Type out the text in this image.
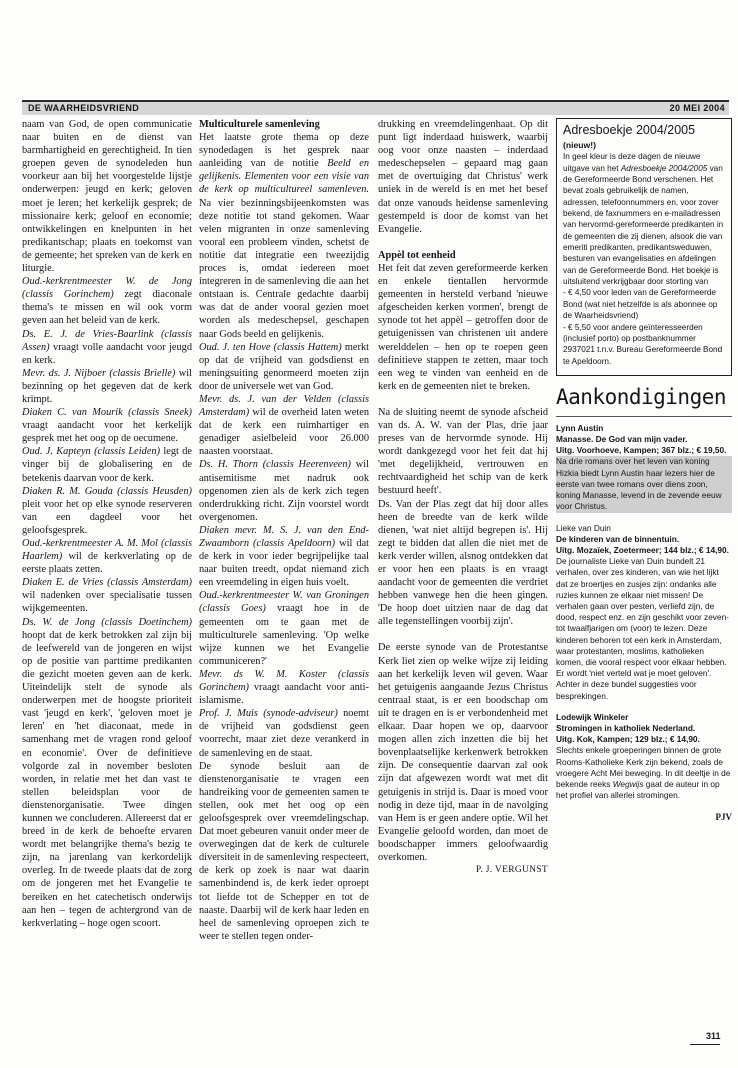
DE WAARHEIDSVRIEND	20 MEI 2004

naam van God, de open communicatie naar buiten en de dienst van barmhartigheid en gerechtigheid. In tien groepen geven de synodeleden hun voorkeur aan bij het voorgestelde lijstje onderwerpen: jeugd en kerk; geloven moet je leren; het kerkelijk gesprek; de missionaire kerk; geloof en economie; ontwikkelingen en knelpunten in het predikantschap; plaats en toekomst van de gemeente; het spreken van de kerk en liturgie.

Oud.-kerkrentmeester W. de Jong (classis Gorinchem) zegt diaconale thema's te missen en wil ook vorm geven aan het beleid van de kerk.

Ds. E. J. de Vries-Baarlink (classis Assen) vraagt volle aandacht voor jeugd en kerk.

Mevr. ds. J. Nijboer (classis Brielle) wil bezinning op het gegeven dat de kerk krimpt.

Diaken C. van Mourik (classis Sneek) vraagt aandacht voor het kerkelijk gesprek met het oog op de oecumene.

Oud. J. Kapteyn (classis Leiden) legt de vinger bij de globalisering en de betekenis daarvan voor de kerk.

Diaken R. M. Gouda (classis Heusden) pleit voor het op elke synode reserveren van een dagdeel voor het geloofsgesprek.

Oud.-kerkrentmeester A. M. Mol (classis Haarlem) wil de kerkverlating op de eerste plaats zetten.

Diaken E. de Vries (classis Amsterdam) wil nadenken over specialisatie tussen wijkgemeenten.

Ds. W. de Jong (classis Doetinchem) hoopt dat de kerk betrokken zal zijn bij de leefwereld van de jongeren en wijst op de positie van parttime predikanten die gezicht moeten geven aan de kerk. Uiteindelijk stelt de synode als onderwerpen met de hoogste prioriteit vast 'jeugd en kerk', 'geloven moet je leren' en 'het diaconaat, mede in samenhang met de vragen rond geloof en economie'. Over de definitieve volgorde zal in november besloten worden, in relatie met het dan vast te stellen beleidsplan voor de dienstenorganisatie. Twee dingen kunnen we concluderen. Allereerst dat er breed in de kerk de behoefte ervaren wordt met belangrijke thema's bezig te zijn, na jarenlang van kerkordelijk overleg. In de tweede plaats dat de zorg om de jongeren met het Evangelie te bereiken en het catechetisch onderwijs aan hen – tegen de achtergrond van de kerkverlating – hoge ogen scoort.

Multiculturele samenleving

Het laatste grote thema op deze synodedagen is het gesprek naar aanleiding van de notitie Beeld en gelijkenis. Elementen voor een visie van de kerk op multicultureel samenleven. Na vier bezinningsbijeenkomsten was deze notitie tot stand gekomen. Waar velen migranten in onze samenleving vooral een probleem vinden, schetst de notitie dat integratie een tweezijdig proces is, omdat iedereen moet integreren in de samenleving die aan het ontstaan is. Centrale gedachte daarbij was dat de ander vooral gezien moet worden als medeschepsel, geschapen naar Gods beeld en gelijkenis.

Oud. J. ten Hove (classis Hattem) merkt op dat de vrijheid van godsdienst en meningsuiting genormeerd moeten zijn door de universele wet van God.

Mevr. ds. J. van der Velden (classis Amsterdam) wil de overheid laten weten dat de kerk een ruimhartiger en genadiger asielbeleid voor 26.000 naasten voorstaat.

Ds. H. Thorn (classis Heerenveen) wil antisemitisme met nadruk ook opgenomen zien als de kerk zich tegen onderdrukking richt. Zijn voorstel wordt overgenomen.

Diaken mevr. M. S. J. van den End-Zwaamborn (classis Apeldoorn) wil dat de kerk in voor ieder begrijpelijke taal naar buiten treedt, opdat niemand zich een vreemdeling in eigen huis voelt.

Oud.-kerkrentmeester W. van Groningen (classis Goes) vraagt hoe in de gemeenten om te gaan met de multiculturele samenleving. 'Op welke wijze kunnen we het Evangelie communiceren?'

Mevr. ds W. M. Koster (classis Gorinchem) vraagt aandacht voor anti-islamisme.

Prof. J. Muis (synode-adviseur) noemt de vrijheid van godsdienst geen voorrecht, maar ziet deze verankerd in de samenleving en de staat.

De synode besluit aan de dienstenorganisatie te vragen een handreiking voor de gemeenten samen te stellen, ook met het oog op een geloofsgesprek over vreemdelingschap. Dat moet gebeuren vanuit onder meer de overwegingen dat de kerk de culturele diversiteit in de samenleving respecteert, de kerk op zoek is naar wat daarin samenbindend is, de kerk ieder oproept tot liefde tot de Schepper en tot de naaste. Daarbij wil de kerk haar leden en heel de samenleving oproepen zich te weer te stellen tegen onder-

drukking en vreemdelingenhaat. Op dit punt ligt inderdaad huiswerk, waarbij oog voor onze naasten – inderdaad medeschepselen – gepaard mag gaan met de overtuiging dat Christus' werk uniek in de wereld is en met het besef dat onze vanouds heidense samenleving gestempeld is door de komst van het Evangelie.

Appèl tot eenheid

Het feit dat zeven gereformeerde kerken en enkele tientallen hervormde gemeenten in hersteld verband 'nieuwe afgescheiden kerken vormen', brengt de synode tot het appèl – getroffen door de getuigenissen van christenen uit andere werelddelen – hen op te roepen geen definitieve stappen te zetten, maar toch een weg te vinden van eenheid en de kerk en de gemeenten niet te breken.

Na de sluiting neemt de synode afscheid van ds. A. W. van der Plas, drie jaar preses van de hervormde synode. Hij wordt dankgezegd voor het feit dat hij 'met degelijkheid, vertrouwen en rechtvaardigheid het schip van de kerk bestuurd heeft'.

Ds. Van der Plas zegt dat hij door alles heen de breedte van de kerk wilde dienen, 'wat niet altijd begrepen is'. Hij zegt te bidden dat allen die niet met de kerk verder willen, alsnog ontdekken dat er voor hen een plaats is en vraagt aandacht voor de gemeenten die verdriet hebben vanwege hen die heen gingen. 'De hoop doet uitzien naar de dag dat alle tegenstellingen voorbij zijn'.

De eerste synode van de Protestantse Kerk liet zien op welke wijze zij leiding aan het kerkelijk leven wil geven. Waar het getuigenis aangaande Jezus Christus centraal staat, is er een boodschap om uit te dragen en is er verbondenheid met elkaar. Daar hopen we op, daarvoor mogen allen zich inzetten die bij het bovenplaatselijke kerkenwerk betrokken zijn. De consequentie daarvan zal ook zijn dat afgewezen wordt wat met dit getuigenis in strijd is. Daar is moed voor nodig in deze tijd, maar in de navolging van Hem is er geen andere optie. Wil het Evangelie geloofd worden, dan moet de boodschapper immers geloofwaardig overkomen.

P. J. VERGUNST

Adresboekje 2004/2005
(nieuw!)
In geel kleur is deze dagen de nieuwe uitgave van het Adresboekje 2004/2005 van de Gereformeerde Bond verschenen. Het bevat zoals gebruikelijk de namen, adressen, telefoonnummers en, voor zover bekend, de faxnummers en e-mailadressen van hervormd-gereformeerde predikanten in de gemeenten die zij dienen, alsook die van emeriti predikanten, predikantsweduwen, besturen van evangelisaties en afdelingen van de Gereformeerde Bond. Het boekje is uitsluitend verkrijgbaar door storting van
- € 4,50 voor leden van de Gereformeerde Bond (wat niet hetzelfde is als abonnee op de Waarheidsvriend)
- € 5,50 voor andere geïnteresseerden (inclusief porto) op postbanknummer 2937021 t.n.v. Bureau Gereformeerde Bond te Apeldoorn.
Aankondigingen
Lynn Austin
Manasse. De God van mijn vader.
Uitg. Voorhoeve, Kampen; 367 blz.; € 19,50.
Na drie romans over het leven van koning Hizkia biedt Lynn Austin haar lezers hier de eerste van twee romans over diens zoon, koning Manasse, levend in de zevende eeuw voor Christus.
Lieke van Duin
De kinderen van de binnentuin.
Uitg. Mozaïek, Zoetermeer; 144 blz.; € 14,90.
De journaliste Lieke van Duin bundelt 21 verhalen, over zes kinderen, van wie het lijkt dat ze broertjes en zusjes zijn: ondanks alle ruzies kunnen ze elkaar niet missen! De verhalen gaan over pesten, verliefd zijn, de dood, respect enz. en zijn geschikt voor zeven- tot twaalfjarigen om (voor) te lezen. Deze kinderen behoren tot een kerk in Amsterdam, waar protestanten, moslims, katholieken komen, die vooral respect voor elkaar hebben. Er wordt 'niet verteld wat je moet geloven'. Achter in deze bundel suggesties voor besprekingen.
Lodewijk Winkeler
Stromingen in katholiek Nederland.
Uitg. Kok, Kampen; 129 blz.; € 14,90.
Slechts enkele groeperingen binnen de grote Rooms-Katholieke Kerk zijn bekend, zoals de vroegere Acht Mei beweging. In dit deeltje in de bekende reeks Wegwijs gaat de auteur in op het profiel van allerlei stromingen.
PJV
311
